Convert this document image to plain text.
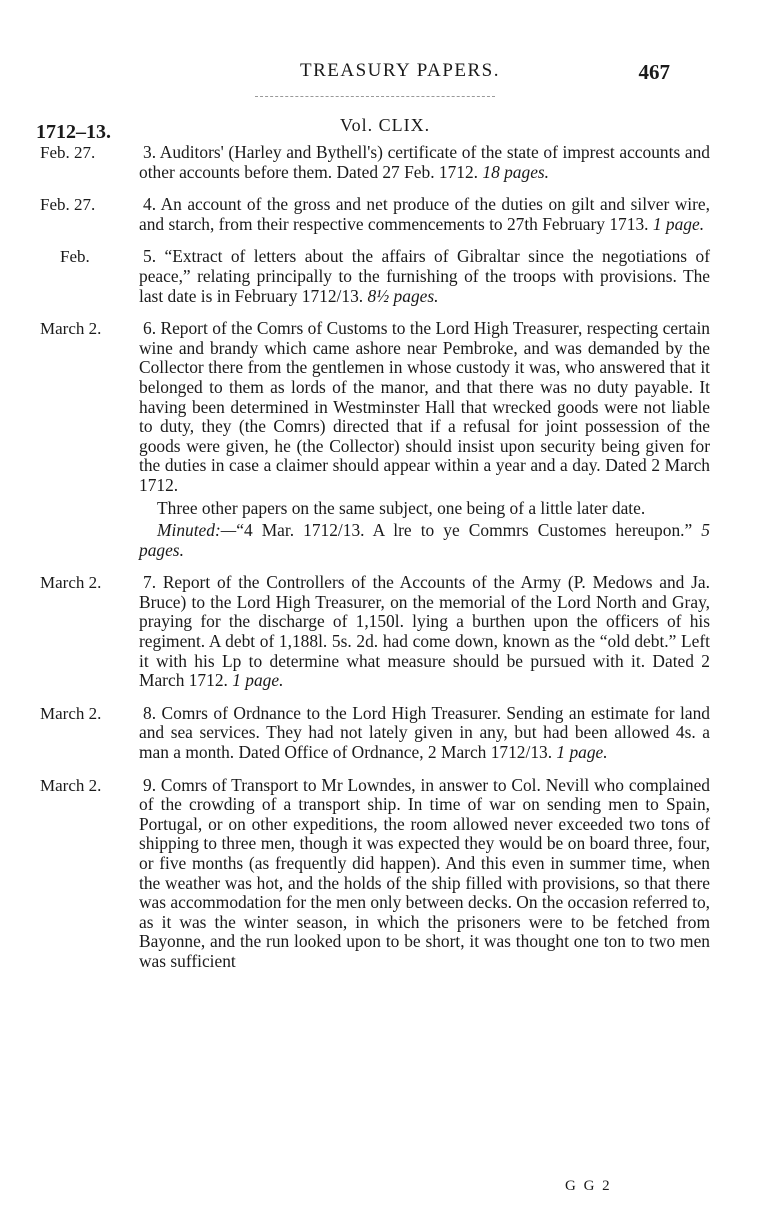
TREASURY PAPERS.	467
1712–13.	Vol. CLIX.
Feb. 27.	3. Auditors' (Harley and Bythell's) certificate of the state of imprest accounts and other accounts before them. Dated 27 Feb. 1712. 18 pages.

Feb. 27.	4. An account of the gross and net produce of the duties on gilt and silver wire, and starch, from their respective commencements to 27th February 1713. 1 page.

Feb.	5. “Extract of letters about the affairs of Gibraltar since the negotiations of peace,” relating principally to the furnishing of the troops with provisions. The last date is in February 1712/13. 8½ pages.

March 2.	6. Report of the Comrs of Customs to the Lord High Treasurer, respecting certain wine and brandy which came ashore near Pembroke, and was demanded by the Collector there from the gentlemen in whose custody it was, who answered that it belonged to them as lords of the manor, and that there was no duty payable. It having been determined in Westminster Hall that wrecked goods were not liable to duty, they (the Comrs) directed that if a refusal for joint possession of the goods were given, he (the Collector) should insist upon security being given for the duties in case a claimer should appear within a year and a day. Dated 2 March 1712.

Three other papers on the same subject, one being of a little later date.

Minuted:—“4 Mar. 1712/13. A lre to ye Commrs Customes hereupon.” 5 pages.

March 2.	7. Report of the Controllers of the Accounts of the Army (P. Medows and Ja. Bruce) to the Lord High Treasurer, on the memorial of the Lord North and Gray, praying for the discharge of 1,150l. lying a burthen upon the officers of his regiment. A debt of 1,188l. 5s. 2d. had come down, known as the “old debt.” Left it with his Lp to determine what measure should be pursued with it. Dated 2 March 1712. 1 page.

March 2.	8. Comrs of Ordnance to the Lord High Treasurer. Sending an estimate for land and sea services. They had not lately given in any, but had been allowed 4s. a man a month. Dated Office of Ordnance, 2 March 1712/13. 1 page.

March 2.	9. Comrs of Transport to Mr Lowndes, in answer to Col. Nevill who complained of the crowding of a transport ship. In time of war on sending men to Spain, Portugal, or on other expeditions, the room allowed never exceeded two tons of shipping to three men, though it was expected they would be on board three, four, or five months (as frequently did happen). And this even in summer time, when the weather was hot, and the holds of the ship filled with provisions, so that there was accommodation for the men only between decks. On the occasion referred to, as it was the winter season, in which the prisoners were to be fetched from Bayonne, and the run looked upon to be short, it was thought one ton to two men was sufficient

G G 2
